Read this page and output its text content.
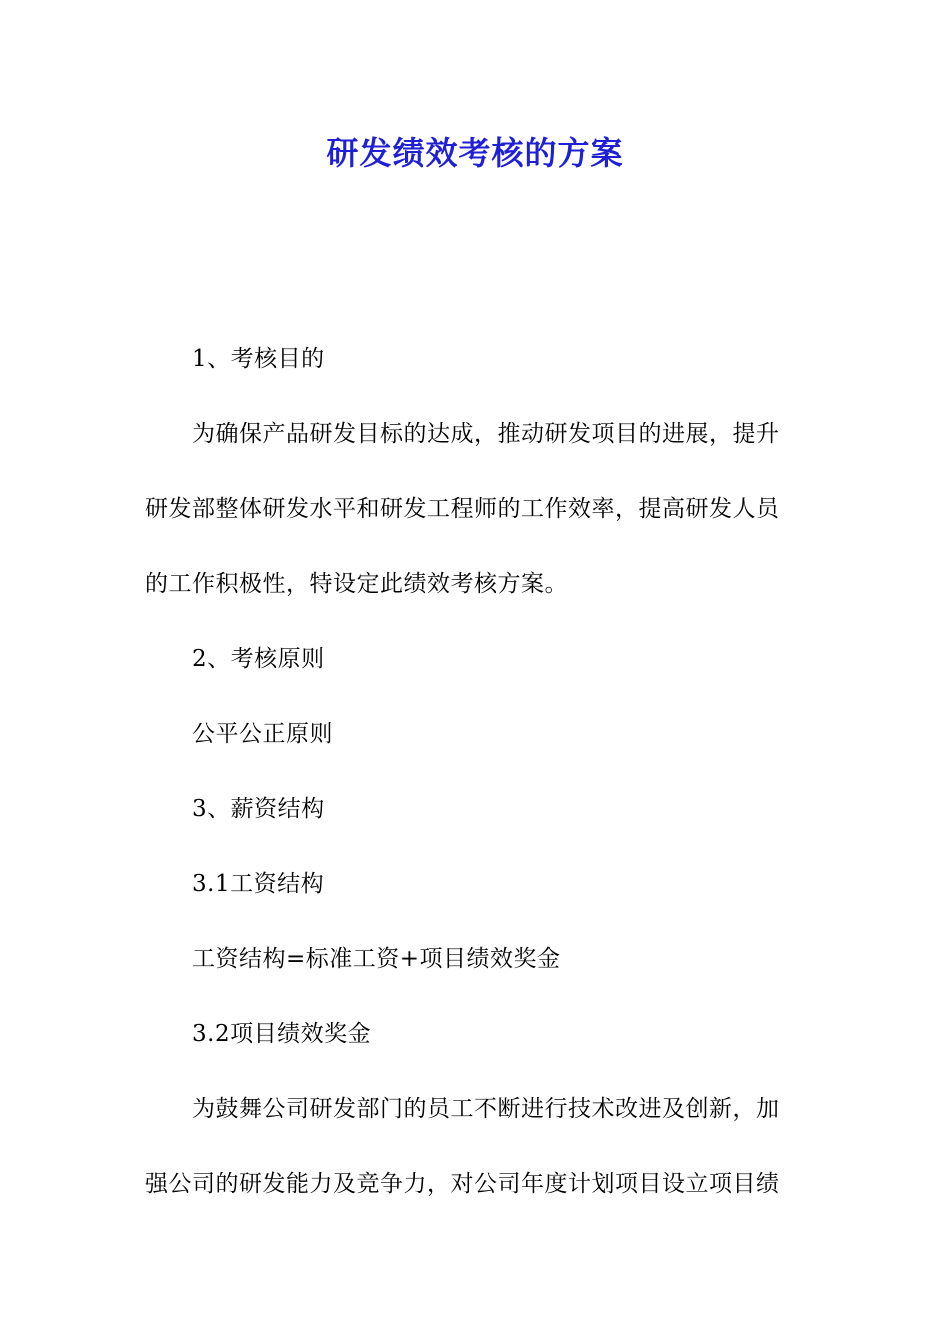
研发绩效考核的方案
1、考核目的
为确保产品研发目标的达成，推动研发项目的进展，提升
研发部整体研发水平和研发工程师的工作效率，提高研发人员
的工作积极性，特设定此绩效考核方案。
2、考核原则
公平公正原则
3、薪资结构
3.1工资结构
工资结构=标准工资+项目绩效奖金
3.2项目绩效奖金
为鼓舞公司研发部门的员工不断进行技术改进及创新，加
强公司的研发能力及竞争力，对公司年度计划项目设立项目绩
